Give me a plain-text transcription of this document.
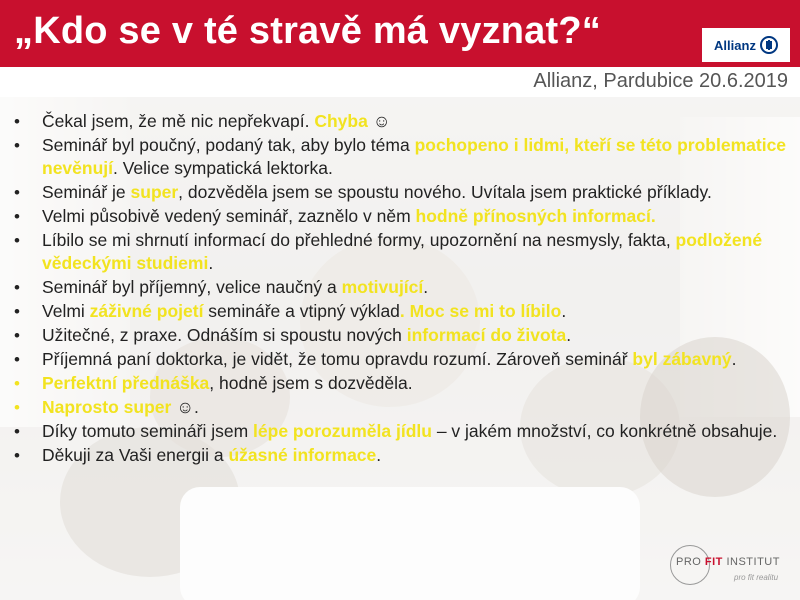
„Kdo se v té stravě má vyznat?“	Allianz
Allianz, Pardubice 20.6.2019
• Čekal jsem, že mě nic nepřekvapí. Chyba ☺
• Seminář byl poučný, podaný tak, aby bylo téma pochopeno i lidmi, kteří se této problematice nevěnují. Velice sympatická lektorka.
• Seminář je super, dozvěděla jsem se spoustu nového. Uvítala jsem praktické příklady.
• Velmi působivě vedený seminář, zaznělo v něm hodně přínosných informací.
• Líbilo se mi shrnutí informací do přehledné formy, upozornění na nesmysly, fakta, podložené vědeckými studiemi.
• Seminář byl příjemný, velice naučný a motivující.
• Velmi záživné pojetí semináře a vtipný výklad. Moc se mi to líbilo.
• Užitečné, z praxe. Odnáším si spoustu nových informací do života.
• Příjemná paní doktorka, je vidět, že tomu opravdu rozumí. Zároveň seminář byl zábavný.
• Perfektní přednáška, hodně jsem s dozvěděla.
• Naprosto super ☺.
• Díky tomuto semináři jsem lépe porozuměla jídlu – v jakém množství, co konkrétně obsahuje.
• Děkuji za Vaši energii a úžasné informace.
PRO FIT INSTITUT
pro fit realitu
